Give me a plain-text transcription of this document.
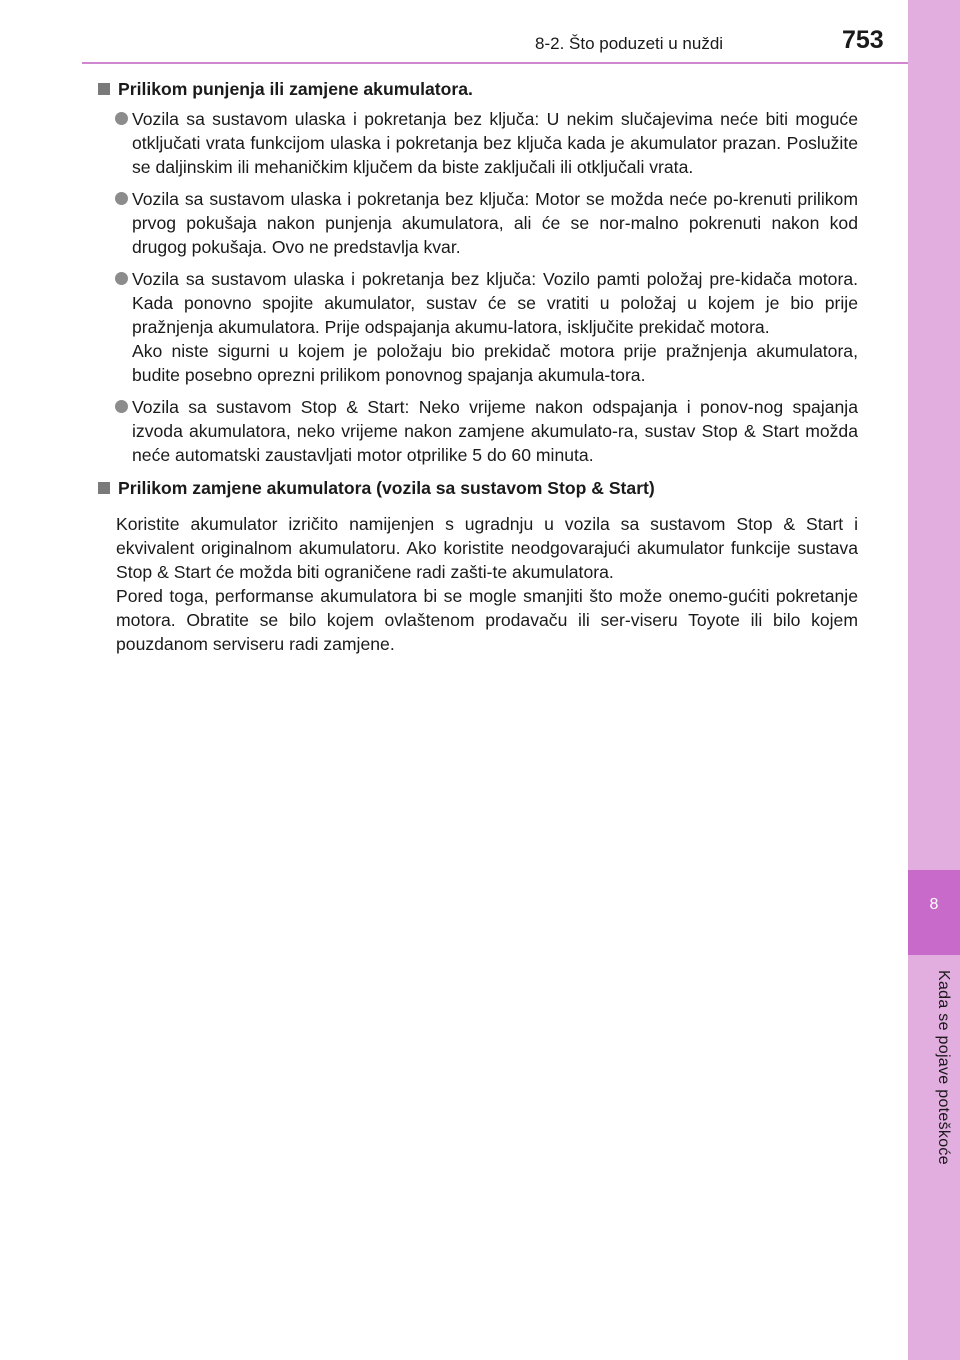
8
Kada se pojave poteškoće
8-2. Što poduzeti u nuždi	753
Prilikom punjenja ili zamjene akumulatora.
Vozila sa sustavom ulaska i pokretanja bez ključa: U nekim slučajevima neće biti moguće otključati vrata funkcijom ulaska i pokretanja bez ključa kada je akumulator prazan. Poslužite se daljinskim ili mehaničkim ključem da biste zaključali ili otključali vrata.
Vozila sa sustavom ulaska i pokretanja bez ključa: Motor se možda neće po-krenuti prilikom prvog pokušaja nakon punjenja akumulatora, ali će se nor-malno pokrenuti nakon kod drugog pokušaja. Ovo ne predstavlja kvar.
Vozila sa sustavom ulaska i pokretanja bez ključa: Vozilo pamti položaj pre-kidača motora. Kada ponovno spojite akumulator, sustav će se vratiti u položaj u kojem je bio prije pražnjenja akumulatora. Prije odspajanja akumu-latora, isključite prekidač motora.
Ako niste sigurni u kojem je položaju bio prekidač motora prije pražnjenja akumulatora, budite posebno oprezni prilikom ponovnog spajanja akumula-tora.
Vozila sa sustavom Stop & Start: Neko vrijeme nakon odspajanja i ponov-nog spajanja izvoda akumulatora, neko vrijeme nakon zamjene akumulato-ra, sustav Stop & Start možda neće automatski zaustavljati motor otprilike 5 do 60 minuta.
Prilikom zamjene akumulatora (vozila sa sustavom Stop & Start)

Koristite akumulator izričito namijenjen s ugradnju u vozila sa sustavom Stop & Start i ekvivalent originalnom akumulatoru. Ako koristite neodgovarajući akumulator funkcije sustava Stop & Start će možda biti ograničene radi zašti-te akumulatora.

Pored toga, performanse akumulatora bi se mogle smanjiti što može onemo-gućiti pokretanje motora. Obratite se bilo kojem ovlaštenom prodavaču ili ser-viseru Toyote ili bilo kojem pouzdanom serviseru radi zamjene.
